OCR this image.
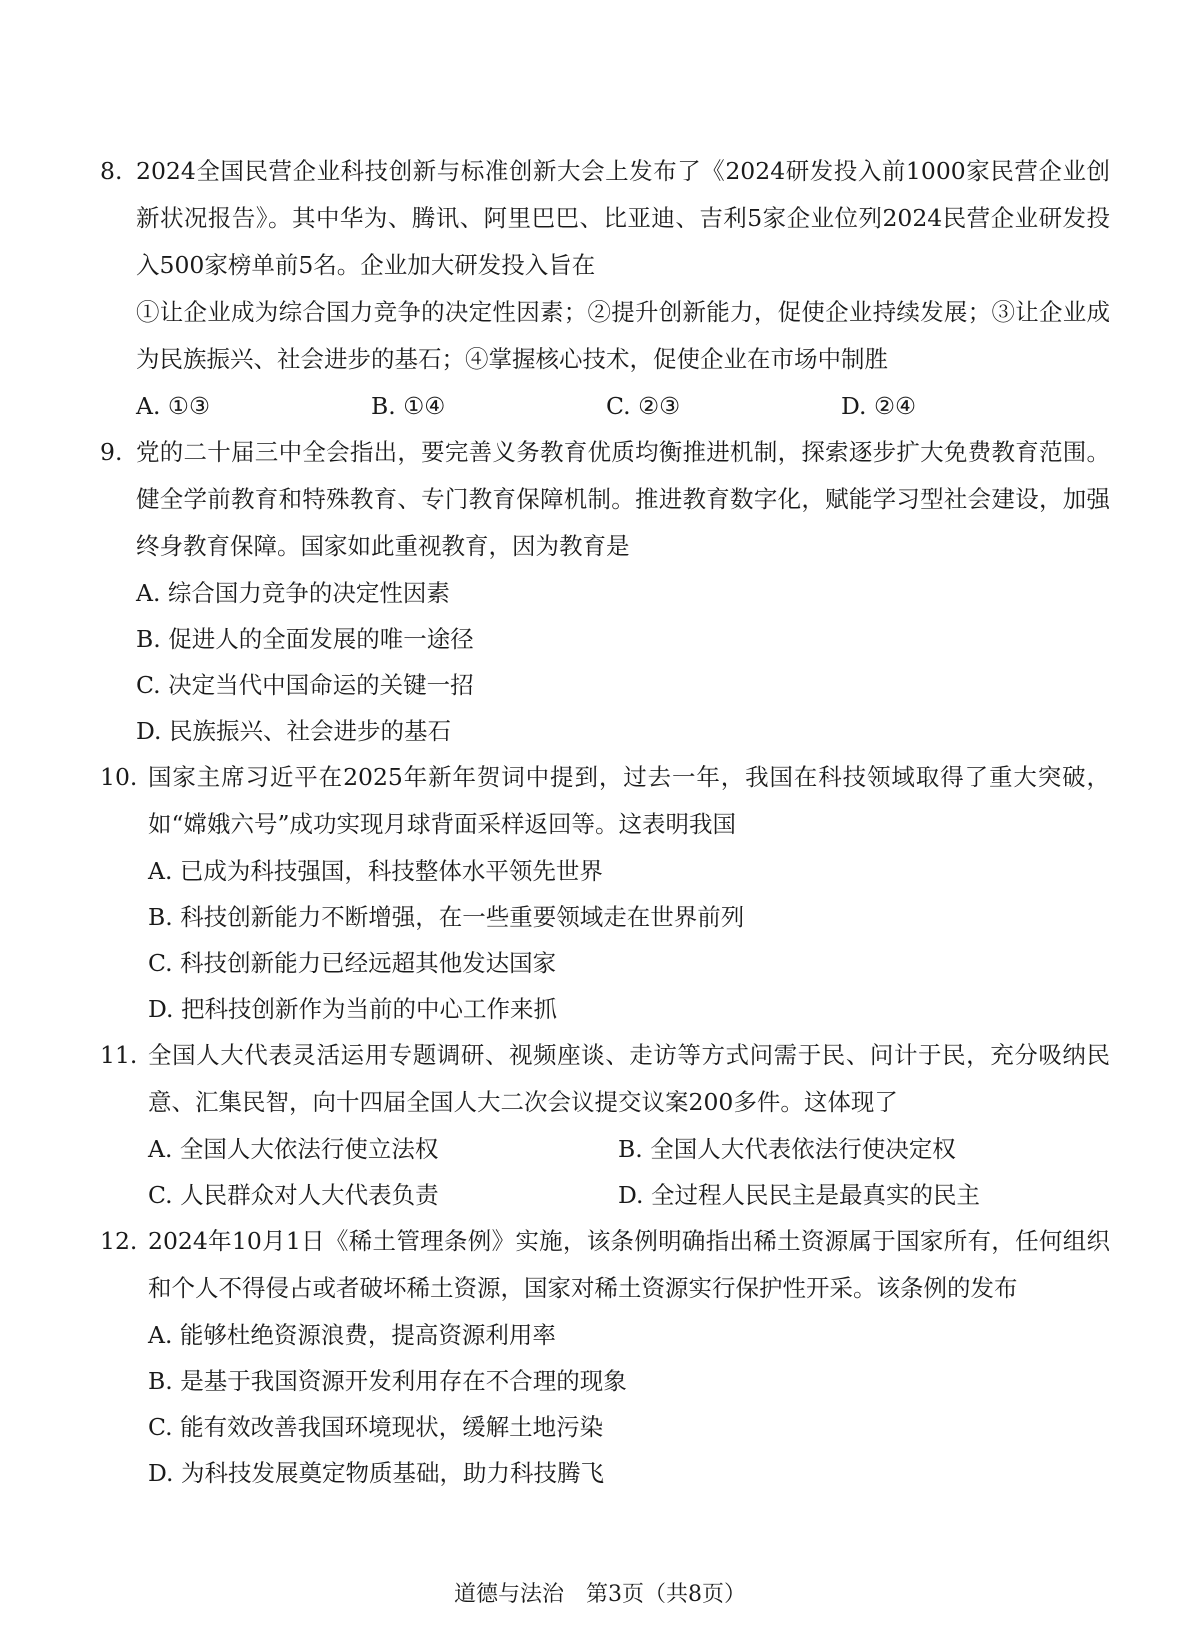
8. 2024全国民营企业科技创新与标准创新大会上发布了《2024研发投入前1000家民营企业创新状况报告》。其中华为、腾讯、阿里巴巴、比亚迪、吉利5家企业位列2024民营企业研发投入500家榜单前5名。企业加大研发投入旨在
①让企业成为综合国力竞争的决定性因素；②提升创新能力，促使企业持续发展；③让企业成为民族振兴、社会进步的基石；④掌握核心技术，促使企业在市场中制胜
A. ①③	B. ①④	C. ②③	D. ②④
9. 党的二十届三中全会指出，要完善义务教育优质均衡推进机制，探索逐步扩大免费教育范围。健全学前教育和特殊教育、专门教育保障机制。推进教育数字化，赋能学习型社会建设，加强终身教育保障。国家如此重视教育，因为教育是
A. 综合国力竞争的决定性因素
B. 促进人的全面发展的唯一途径
C. 决定当代中国命运的关键一招
D. 民族振兴、社会进步的基石
10. 国家主席习近平在2025年新年贺词中提到，过去一年，我国在科技领域取得了重大突破，如“嫦娥六号”成功实现月球背面采样返回等。这表明我国
A. 已成为科技强国，科技整体水平领先世界
B. 科技创新能力不断增强，在一些重要领域走在世界前列
C. 科技创新能力已经远超其他发达国家
D. 把科技创新作为当前的中心工作来抓
11. 全国人大代表灵活运用专题调研、视频座谈、走访等方式问需于民、问计于民，充分吸纳民意、汇集民智，向十四届全国人大二次会议提交议案200多件。这体现了
A. 全国人大依法行使立法权	B. 全国人大代表依法行使决定权
C. 人民群众对人大代表负责	D. 全过程人民民主是最真实的民主
12. 2024年10月1日《稀土管理条例》实施，该条例明确指出稀土资源属于国家所有，任何组织和个人不得侵占或者破坏稀土资源，国家对稀土资源实行保护性开采。该条例的发布
A. 能够杜绝资源浪费，提高资源利用率
B. 是基于我国资源开发利用存在不合理的现象
C. 能有效改善我国环境现状，缓解土地污染
D. 为科技发展奠定物质基础，助力科技腾飞
道德与法治　第3页（共8页）
